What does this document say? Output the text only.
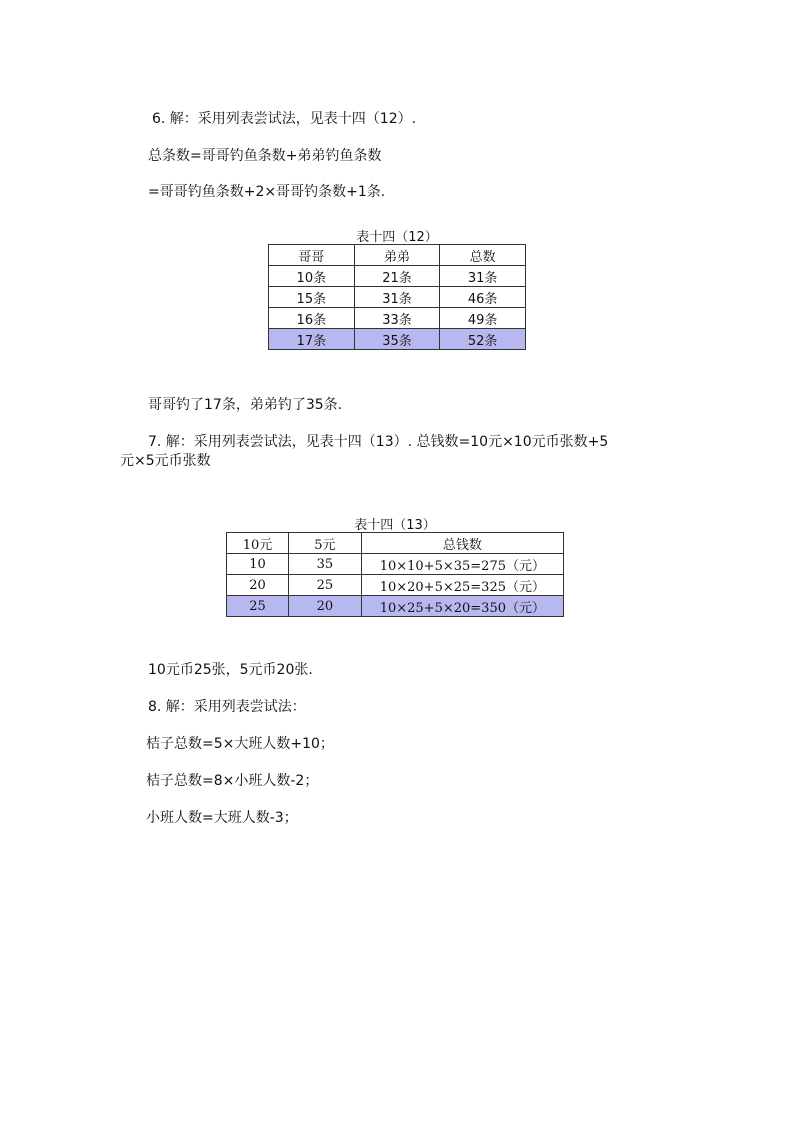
6. 解：采用列表尝试法，见表十四（12）.
总条数=哥哥钓鱼条数+弟弟钓鱼条数
=哥哥钓鱼条数+2×哥哥钓条数+1条.
表十四（12）
哥哥	弟弟	总数
10条	21条	31条
15条	31条	46条
16条	33条	49条
17条	35条	52条
哥哥钓了17条，弟弟钓了35条.
7. 解：采用列表尝试法，见表十四（13）. 总钱数=10元×10元币张数+5
元×5元币张数
表十四（13）
10元	5元	总钱数
10	35	10×10+5×35=275（元）
20	25	10×20+5×25=325（元）
25	20	10×25+5×20=350（元）
10元币25张，5元币20张.
8. 解：采用列表尝试法：
桔子总数=5×大班人数+10；
桔子总数=8×小班人数-2；
小班人数=大班人数-3；
